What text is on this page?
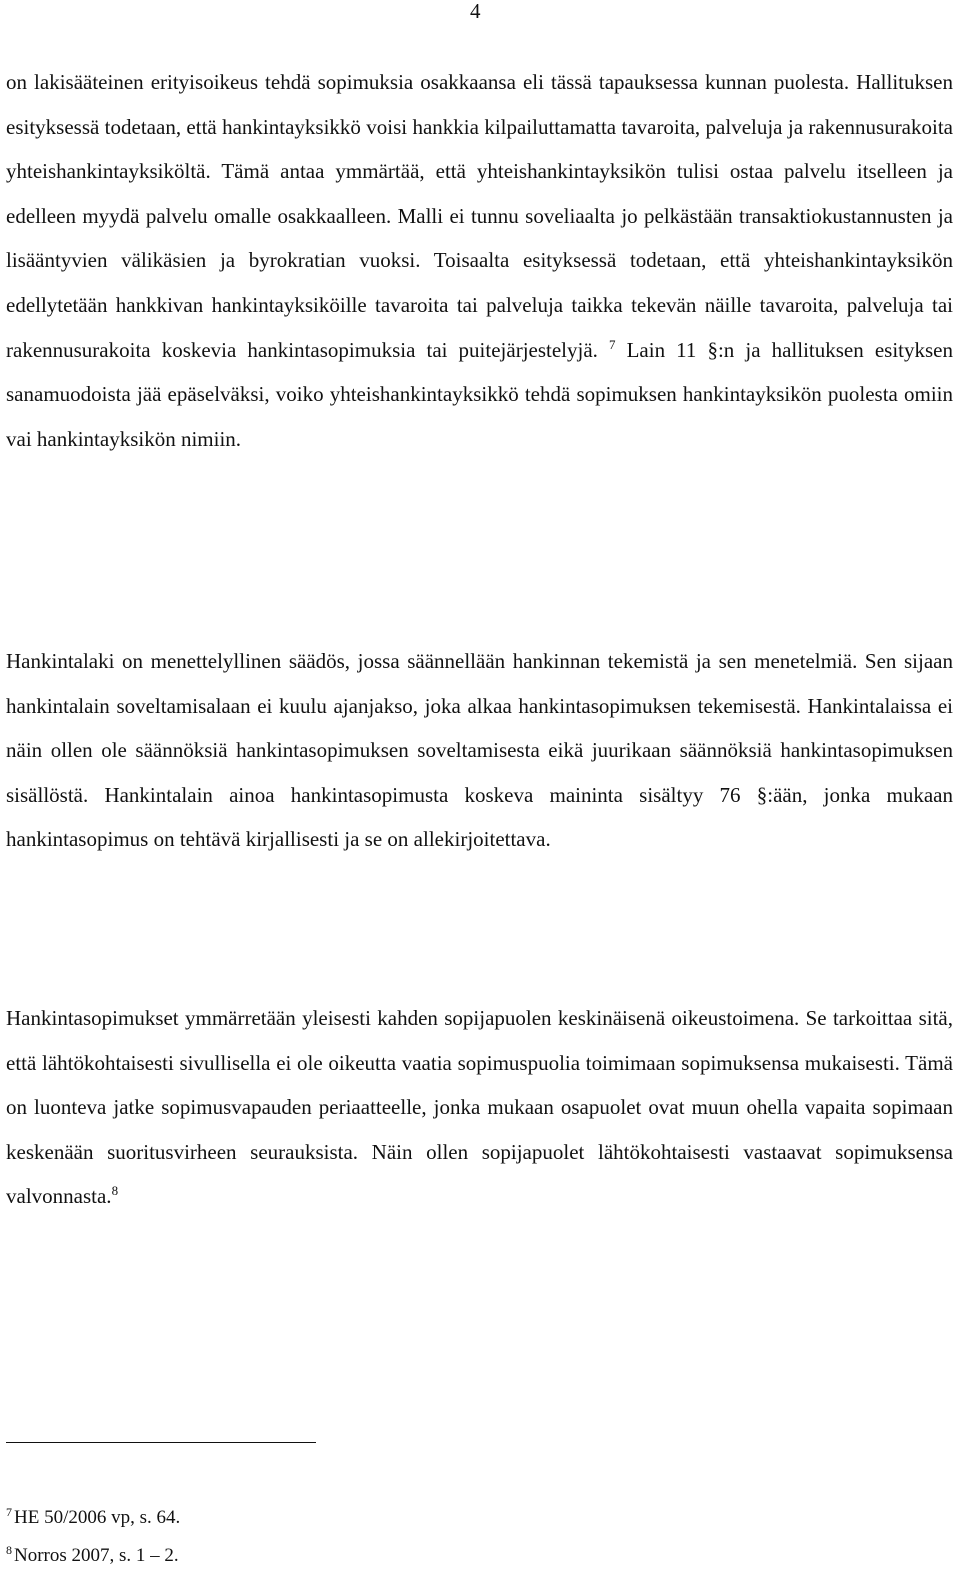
4

on lakisääteinen erityisoikeus tehdä sopimuksia osakkaansa eli tässä tapauksessa kunnan puolesta. Hallituksen esityksessä todetaan, että hankintayksikkö voisi hankkia kilpailuttamatta tavaroita, palveluja ja rakennusurakoita yhteishankintayksiköltä. Tämä antaa ymmärtää, että yhteishankintayksikön tulisi ostaa palvelu itselleen ja edelleen myydä palvelu omalle osakkaalleen. Malli ei tunnu soveliaalta jo pelkästään transaktiokustannusten ja lisääntyvien välikäsien ja byrokratian vuoksi. Toisaalta esityksessä todetaan, että yhteishankintayksikön edellytetään hankkivan hankintayksiköille tavaroita tai palveluja taikka tekevän näille tavaroita, palveluja tai rakennusurakoita koskevia hankintasopimuksia tai puitejärjestelyjä. $^7$ Lain 11 §:n ja hallituksen esityksen sanamuodoista jää epäselväksi, voiko yhteishankintayksikkö tehdä sopimuksen hankintayksikön puolesta omiin vai hankintayksikön nimiin.

Hankintalaki on menettelyllinen säädös, jossa säännellään hankinnan tekemistä ja sen menetelmiä. Sen sijaan hankintalain soveltamisalaan ei kuulu ajanjakso, joka alkaa hankintasopimuksen tekemisestä. Hankintalaissa ei näin ollen ole säännöksiä hankintasopimuksen soveltamisesta eikä juurikaan säännöksiä hankintasopimuksen sisällöstä. Hankintalain ainoa hankintasopimusta koskeva maininta sisältyy 76 §:ään, jonka mukaan hankintasopimus on tehtävä kirjallisesti ja se on allekirjoitettava.

Hankintasopimukset ymmärretään yleisesti kahden sopijapuolen keskinäisenä oikeustoimena. Se tarkoittaa sitä, että lähtökohtaisesti sivullisella ei ole oikeutta vaatia sopimuspuolia toimimaan sopimuksensa mukaisesti. Tämä on luonteva jatke sopimusvapauden periaatteelle, jonka mukaan osapuolet ovat muun ohella vapaita sopimaan keskenään suoritusvirheen seurauksista. Näin ollen sopijapuolet lähtökohtaisesti vastaavat sopimuksensa valvonnasta.$^8$

$^7$ HE 50/2006 vp, s. 64.
$^8$ Norros 2007, s. 1 – 2.
